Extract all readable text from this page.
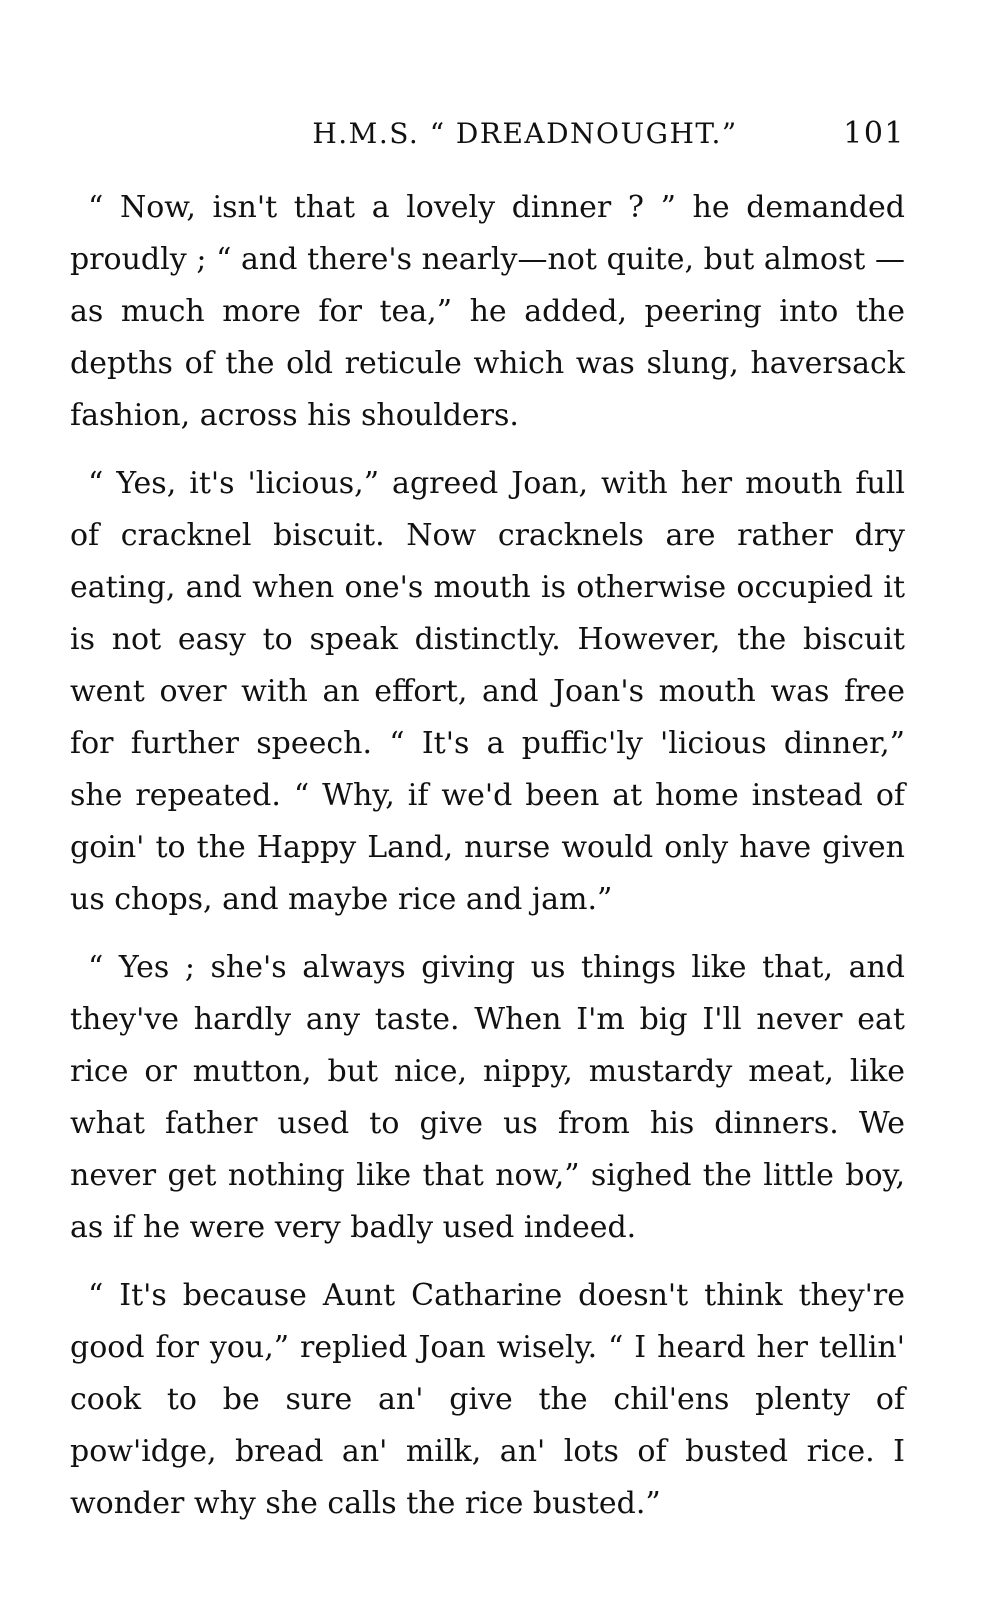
H.M.S. “ DREADNOUGHT.”	101

“ Now, isn't that a lovely dinner ? ” he demanded proudly ; “ and there's nearly—not quite, but almost —as much more for tea,” he added, peering into the depths of the old reticule which was slung, haversack fashion, across his shoulders.

“ Yes, it's 'licious,” agreed Joan, with her mouth full of cracknel biscuit. Now cracknels are rather dry eating, and when one's mouth is otherwise occupied it is not easy to speak distinctly. However, the biscuit went over with an effort, and Joan's mouth was free for further speech. “ It's a puffic'ly 'licious dinner,” she repeated. “ Why, if we'd been at home instead of goin' to the Happy Land, nurse would only have given us chops, and maybe rice and jam.”

“ Yes ; she's always giving us things like that, and they've hardly any taste. When I'm big I'll never eat rice or mutton, but nice, nippy, mustardy meat, like what father used to give us from his dinners. We never get nothing like that now,” sighed the little boy, as if he were very badly used indeed.

“ It's because Aunt Catharine doesn't think they're good for you,” replied Joan wisely. “ I heard her tellin' cook to be sure an' give the chil'ens plenty of pow'idge, bread an' milk, an' lots of busted rice. I wonder why she calls the rice busted.”
